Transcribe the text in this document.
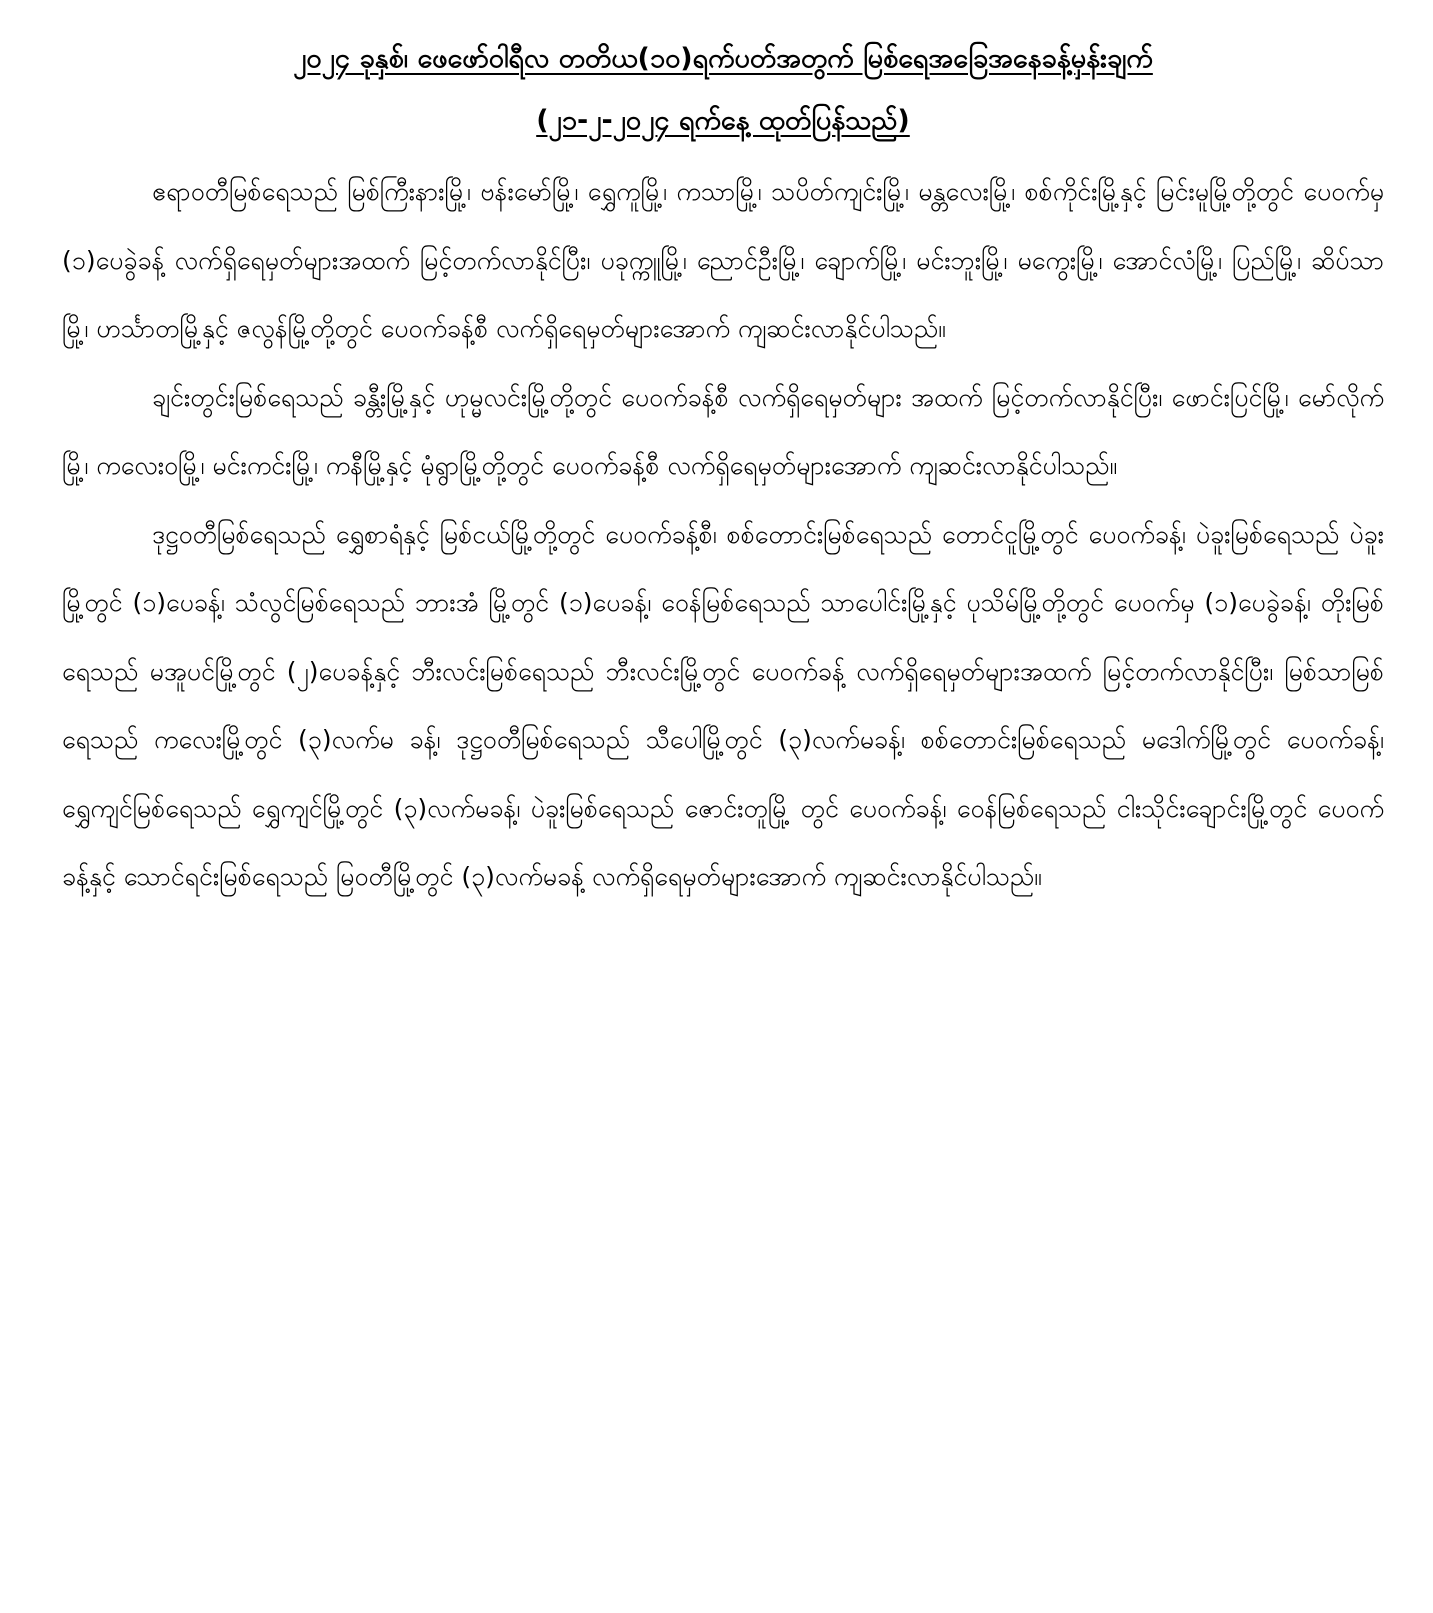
၂၀၂၄ ခုနှစ်၊ ဖေဖော်ဝါရီလ တတိယ(၁၀)ရက်ပတ်အတွက် မြစ်ရေအခြေအနေခန့်မှန်းချက်
(၂၁-၂-၂၀၂၄ ရက်နေ့ ထုတ်ပြန်သည်)

ဧရာဝတီမြစ်ရေသည် မြစ်ကြီးနားမြို့၊ ဗန်းမော်မြို့၊ ရွှေကူမြို့၊ ကသာမြို့၊ သပိတ်ကျင်းမြို့၊ မန္တလေးမြို့၊ စစ်ကိုင်းမြို့နှင့် မြင်းမူမြို့တို့တွင် ပေဝက်မှ (၁)ပေခွဲခန့် လက်ရှိရေမှတ်များအထက် မြင့်တက်လာနိုင်ပြီး၊ ပခုက္ကူမြို့၊ ညောင်ဦးမြို့၊ ချောက်မြို့၊ မင်းဘူးမြို့၊ မကွေးမြို့၊ အောင်လံမြို့၊ ပြည်မြို့၊ ဆိပ်သာမြို့၊ ဟင်္သာတမြို့နှင့် ဇလွန်မြို့တို့တွင် ပေဝက်ခန့်စီ လက်ရှိရေမှတ်များအောက် ကျဆင်းလာနိုင်ပါသည်။

ချင်းတွင်းမြစ်ရေသည် ခန္တီးမြို့နှင့် ဟုမ္မလင်းမြို့တို့တွင် ပေဝက်ခန့်စီ လက်ရှိရေမှတ်များ အထက် မြင့်တက်လာနိုင်ပြီး၊ ဖောင်းပြင်မြို့၊ မော်လိုက်မြို့၊ ကလေးဝမြို့၊ မင်းကင်းမြို့၊ ကနီမြို့နှင့် မုံရွာမြို့တို့တွင် ပေဝက်ခန့်စီ လက်ရှိရေမှတ်များအောက် ကျဆင်းလာနိုင်ပါသည်။

ဒုဋ္ဌဝတီမြစ်ရေသည် ရွှေစာရံနှင့် မြစ်ငယ်မြို့တို့တွင် ပေဝက်ခန့်စီ၊ စစ်တောင်းမြစ်ရေသည် တောင်ငူမြို့တွင် ပေဝက်ခန့်၊ ပဲခူးမြစ်ရေသည် ပဲခူးမြို့တွင် (၁)ပေခန့်၊ သံလွင်မြစ်ရေသည် ဘားအံ မြို့တွင် (၁)ပေခန့်၊ ဝေန်မြစ်ရေသည် သာပေါင်းမြို့နှင့် ပုသိမ်မြို့တို့တွင် ပေဝက်မှ (၁)ပေခွဲခန့်၊ တိုးမြစ်ရေသည် မအူပင်မြို့တွင် (၂)ပေခန့်နှင့် ဘီးလင်းမြစ်ရေသည် ဘီးလင်းမြို့တွင် ပေဝက်ခန့် လက်ရှိရေမှတ်များအထက် မြင့်တက်လာနိုင်ပြီး၊ မြစ်သာမြစ်ရေသည် ကလေးမြို့တွင် (၃)လက်မ ခန့်၊ ဒုဋ္ဌဝတီမြစ်ရေသည် သီပေါမြို့တွင် (၃)လက်မခန့်၊ စစ်တောင်းမြစ်ရေသည် မဒေါက်မြို့တွင် ပေဝက်ခန့်၊ ရွှေကျင်မြစ်ရေသည် ရွှေကျင်မြို့တွင် (၃)လက်မခန့်၊ ပဲခူးမြစ်ရေသည် ဇောင်းတူမြို့ တွင် ပေဝက်ခန့်၊ ဝေန်မြစ်ရေသည် ငါးသိုင်းချောင်းမြို့တွင် ပေဝက်ခန့်နှင့် သောင်ရင်းမြစ်ရေသည် မြဝတီမြို့တွင် (၃)လက်မခန့် လက်ရှိရေမှတ်များအောက် ကျဆင်းလာနိုင်ပါသည်။
